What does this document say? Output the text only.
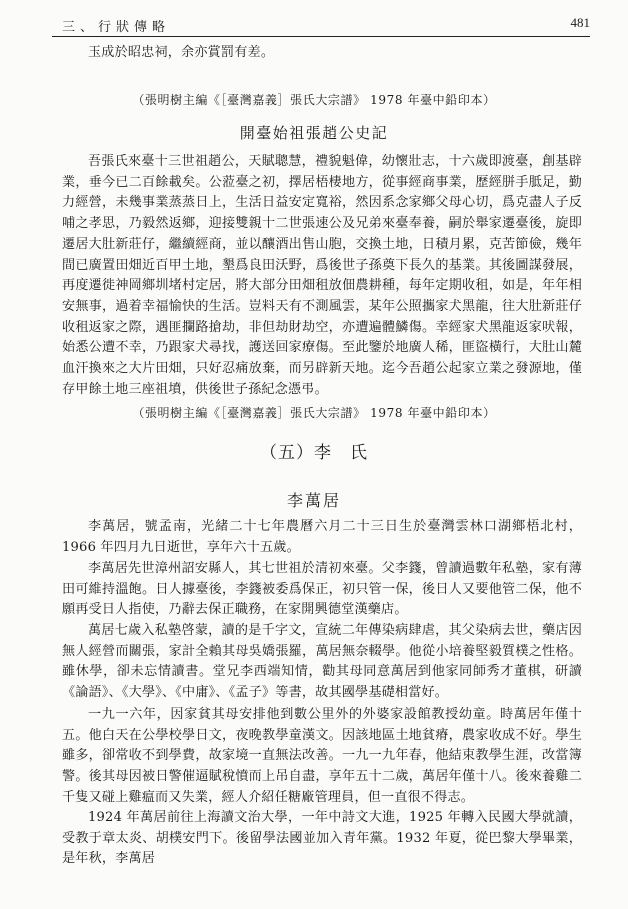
三、行狀傳略	481
玉成於昭忠祠，余亦賞罰有差。
（張明樹主編《［臺灣嘉義］張氏大宗譜》 1978 年臺中鉛印本）
開臺始祖張趙公史記
吾張氏來臺十三世祖趙公，天賦聰慧，禮貌魁偉，幼懷壯志，十六歲即渡臺，創基辟業，垂今已二百餘載矣。公蒞臺之初，擇居梧棲地方，從事經商事業，歷經胼手胝足，勤力經營，未幾事業蒸蒸日上，生活日益安定寬裕，然因系念家鄉父母心切，爲克盡人子反哺之孝思，乃毅然返鄉，迎接雙親十二世張速公及兄弟來臺奉養，嗣於舉家遷臺後，旋即遷居大肚新莊仔，繼續經商，並以釀酒出售山胞，交換土地，日積月累，克苦節儉，幾年間已廣置田畑近百甲土地，墾爲良田沃野，爲後世子孫奠下長久的基業。其後圖謀發展，再度遷徙神岡鄉圳堵村定居，將大部分田畑租放佃農耕種，每年定期收租，如是，年年相安無事，過着幸福愉快的生活。豈料天有不測風雲，某年公照攜家犬黑龍，往大肚新莊仔收租返家之際，遇匪攔路搶劫，非但劫財劫空，亦遭遍體鱗傷。幸經家犬黑龍返家吠報，始悉公遭不幸，乃跟家犬尋找，護送回家療傷。至此鑒於地廣人稀，匪盜橫行，大肚山麓血汗換來之大片田畑，只好忍痛放棄，而另辟新天地。迄今吾趙公起家立業之發源地，僅存甲餘土地三座祖墳，供後世子孫紀念憑弔。
（張明樹主編《［臺灣嘉義］張氏大宗譜》 1978 年臺中鉛印本）
（五）李　氏
李萬居
李萬居，號孟南，光緒二十七年農曆六月二十三日生於臺灣雲林口湖鄉梧北村，1966 年四月九日逝世，享年六十五歲。
李萬居先世漳州詔安縣人，其七世祖於清初來臺。父李籛，曾讀過數年私塾，家有薄田可維持溫飽。日人據臺後，李籛被委爲保正，初只管一保，後日人又要他管二保，他不願再受日人指使，乃辭去保正職務，在家開興德堂漢藥店。
萬居七歲入私塾啓蒙，讀的是千字文，宣統二年傳染病肆虐，其父染病去世，藥店因無人經營而關張，家計全賴其母吳嬌張羅，萬居無奈輟學。他從小培養堅毅質樸之性格。雖休學，卻未忘情讀書。堂兄李西端知情，勸其母同意萬居到他家同師秀才董棋，研讀《論語》、《大學》、《中庸》、《孟子》等書，故其國學基礎相當好。
一九一六年，因家貧其母安排他到數公里外的外婆家設館教授幼童。時萬居年僅十五。他白天在公學校學日文，夜晚教學童漢文。因該地區土地貧瘠，農家收成不好。學生雖多，卻常收不到學費，故家境一直無法改善。一九一九年春，他結束教學生涯，改當簿警。後其母因被日警催逼賦稅憤而上吊自盡，享年五十二歲，萬居年僅十八。後來養雞二千隻又碰上雞瘟而又失業，經人介紹任糖廠管理員，但一直很不得志。
1924 年萬居前往上海讀文治大學，一年中詩文大進，1925 年轉入民國大學就讀，受教于章太炎、胡樸安門下。後留學法國並加入青年黨。1932 年夏，從巴黎大學畢業，是年秋，李萬居
